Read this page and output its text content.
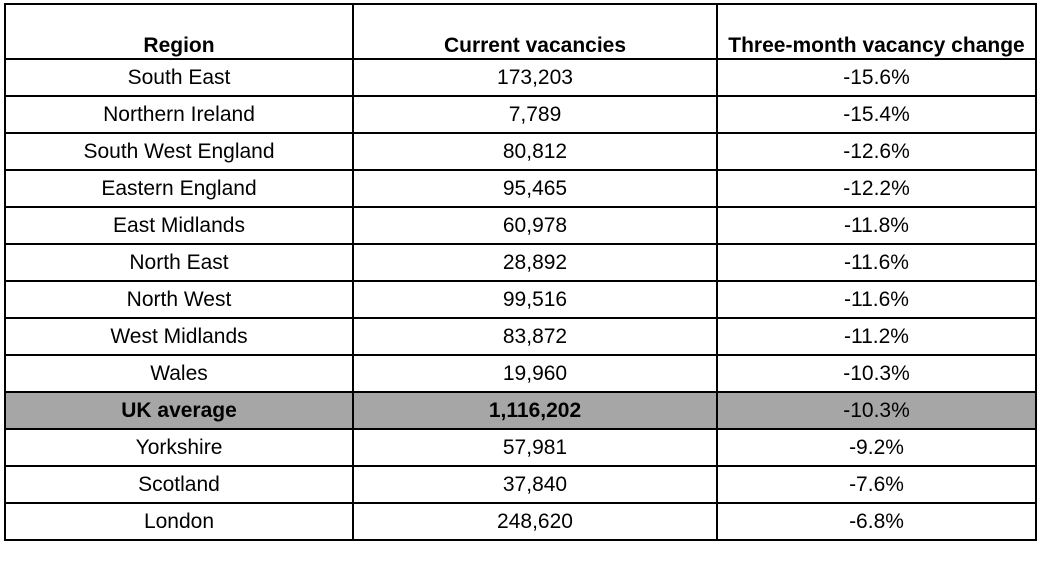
Region	Current vacancies	Three-month vacancy change
South East	173,203	-15.6%
Northern Ireland	7,789	-15.4%
South West England	80,812	-12.6%
Eastern England	95,465	-12.2%
East Midlands	60,978	-11.8%
North East	28,892	-11.6%
North West	99,516	-11.6%
West Midlands	83,872	-11.2%
Wales	19,960	-10.3%
UK average	1,116,202	-10.3%
Yorkshire	57,981	-9.2%
Scotland	37,840	-7.6%
London	248,620	-6.8%
